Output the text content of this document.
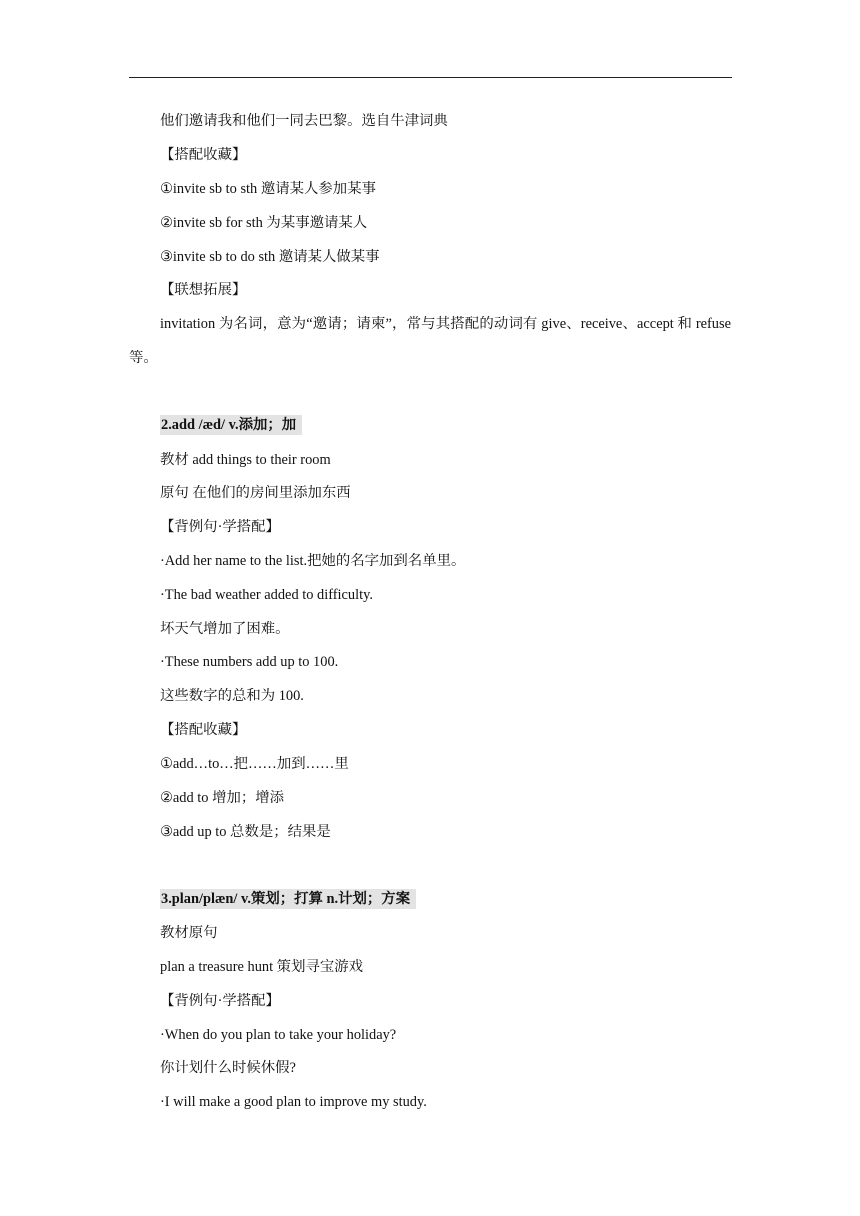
他们邀请我和他们一同去巴黎。选自牛津词典
【搭配收藏】
①invite sb to sth 邀请某人参加某事
②invite sb for sth 为某事邀请某人
③invite sb to do sth 邀请某人做某事
【联想拓展】
invitation 为名词，意为“邀请；请柬”，常与其搭配的动词有 give、receive、accept 和 refuse等。
2.add /æd/ v.添加；加
教材 add things to their room
原句 在他们的房间里添加东西
【背例句·学搭配】
·Add her name to the list.把她的名字加到名单里。
·The bad weather added to difficulty.
坏天气增加了困难。
·These numbers add up to 100.
这些数字的总和为 100.
【搭配收藏】
①add…to…把……加到……里
②add to 增加；增添
③add up to 总数是；结果是
3.plan/plæn/ v.策划；打算 n.计划；方案
教材原句
plan a treasure hunt 策划寻宝游戏
【背例句·学搭配】
·When do you plan to take your holiday?
你计划什么时候休假?
·I will make a good plan to improve my study.
